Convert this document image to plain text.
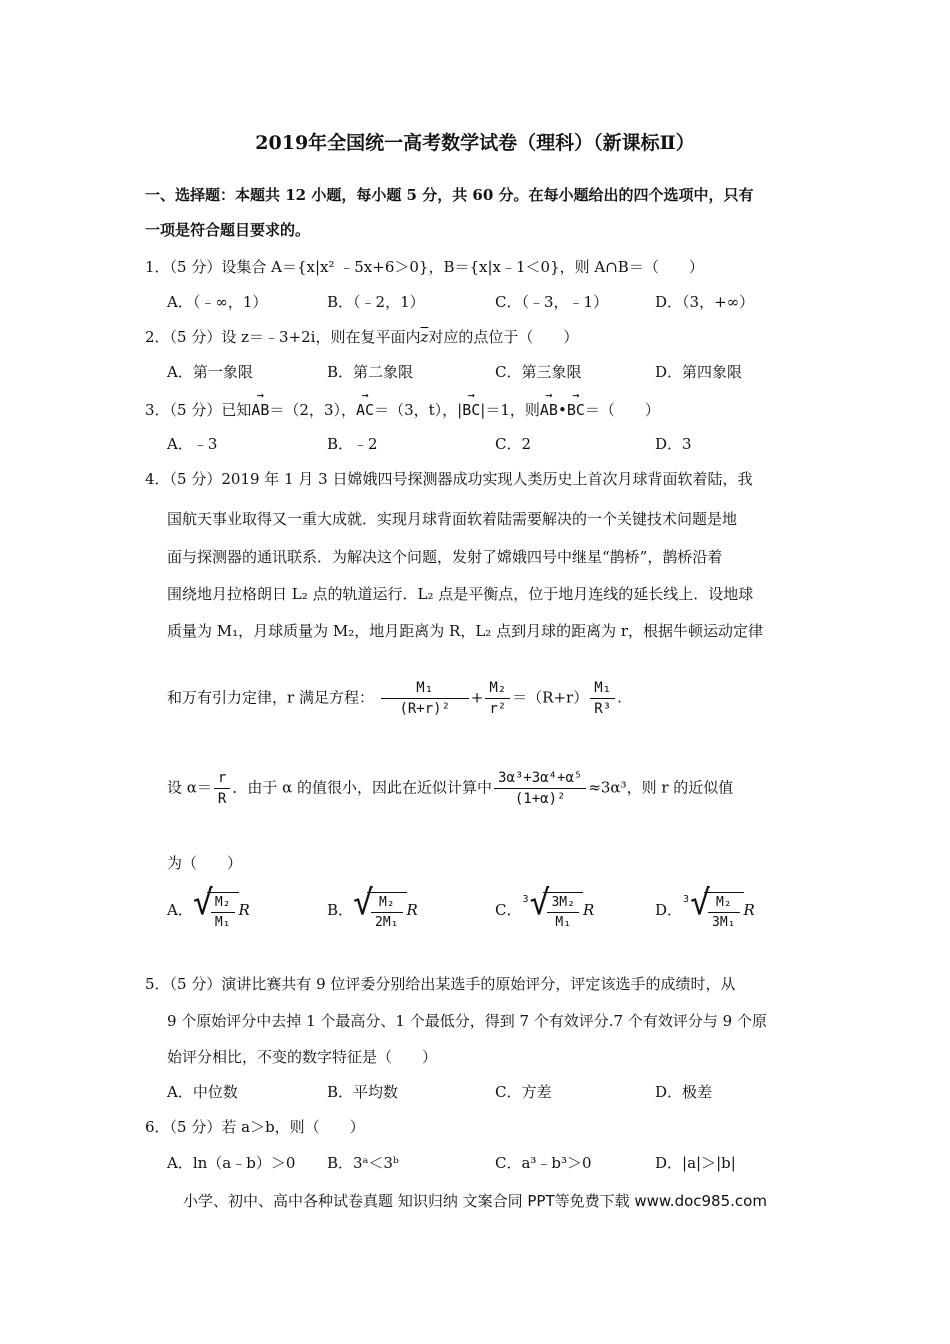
2019年全国统一高考数学试卷（理科）（新课标Ⅱ）
一、选择题：本题共 12 小题，每小题 5 分，共 60 分。在每小题给出的四个选项中，只有
一项是符合题目要求的。
1．（5 分）设集合 A＝{x|x² ﹣5x+6＞0}，B＝{x|x﹣1＜0}，则 A∩B＝（　　）
A．（﹣∞，1）	B．（﹣2，1）	C．（﹣3，﹣1）	D．（3，+∞）
2．（5 分）设 z＝﹣3+2i，则在复平面内$\overline{z}$对应的点位于（　　）
A．第一象限	B．第二象限	C．第三象限	D．第四象限
3．（5 分）已知→ AB＝（2，3），→ AC＝（3，t），|→ BC|＝1，则→ AB•→ BC＝（　　）
A．﹣3	B．﹣2	C．2	D．3
4．（5 分）2019 年 1 月 3 日嫦娥四号探测器成功实现人类历史上首次月球背面软着陆，我
国航天事业取得又一重大成就．实现月球背面软着陆需要解决的一个关键技术问题是地
面与探测器的通讯联系．为解决这个问题，发射了嫦娥四号中继星“鹊桥”，鹊桥沿着
围绕地月拉格朗日 L₂ 点的轨道运行．L₂ 点是平衡点，位于地月连线的延长线上．设地球
质量为 M₁，月球质量为 M₂，地月距离为 R，L₂ 点到月球的距离为 r，根据牛顿运动定律
和万有引力定律，r 满足方程： $\frac{\text{M₁}}{\text{(R+r)²}} + \frac{\text{M₂}}{\text{r²}} =(R+r) \frac{\text{M₁}}{\text{R³}}$ .
设 $\alpha= \frac{r}{R}$ ．由于 α 的值很小，因此在近似计算中 $\frac{\text{3α³+3α⁴+α⁵}}{\text{(1+α)²}} \approx 3\alpha^3$，则 r 的近似值
为（　　）
A． √
$\frac{\text{M₂}}{\text{M₁}}$ R	B． √
$\frac{\text{M₂}}{\text{2M₁}}$ R	C． √
$3 \frac{\text{3M₂}}{\text{M₁}}$ R	D． √
$3 \frac{\text{M₂}}{\text{3M₁}}$ R
5．（5 分）演讲比赛共有 9 位评委分别给出某选手的原始评分，评定该选手的成绩时，从
9 个原始评分中去掉 1 个最高分、1 个最低分，得到 7 个有效评分.7 个有效评分与 9 个原
始评分相比，不变的数字特征是（　　）
A．中位数	B．平均数	C．方差	D．极差
6．（5 分）若 a＞b，则（　　）
A．ln（a﹣b）＞0 B．3ᵃ＜3ᵇ	C．a³﹣b³＞0	D．|a|＞|b|
小学、初中、高中各种试卷真题 知识归纳 文案合同 PPT等免费下载 www.doc985.com
